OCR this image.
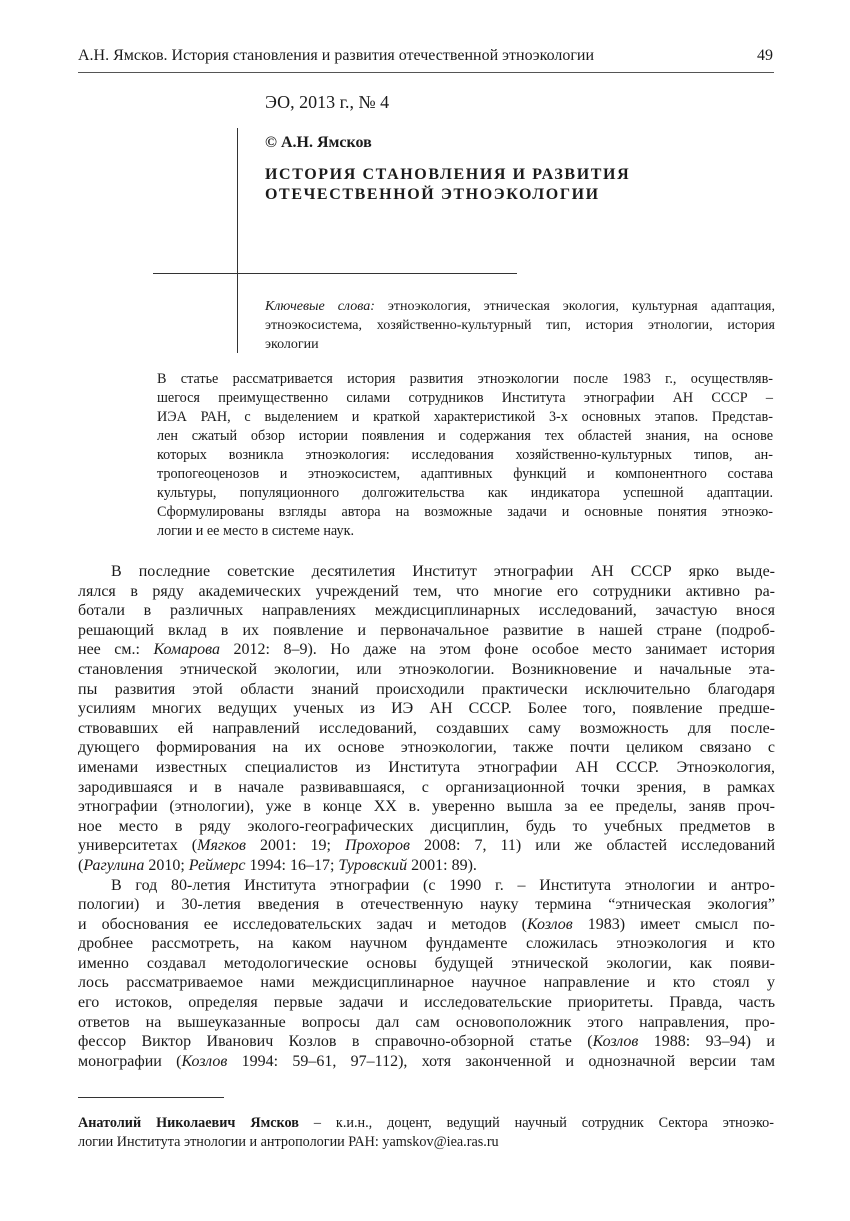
А.Н. Ямсков. История становления и развития отечественной этноэкологии	49
ЭО, 2013 г., № 4
© А.Н. Ямсков
ИСТОРИЯ СТАНОВЛЕНИЯ И РАЗВИТИЯ
ОТЕЧЕСТВЕННОЙ ЭТНОЭКОЛОГИИ
Ключевые слова: этноэкология, этническая экология, культурная адаптация, этноэкосистема, хозяйственно-культурный тип, история этнологии, история экологии
В статье рассматривается история развития этноэкологии после 1983 г., осуществляв-
шегося преимущественно силами сотрудников Института этнографии АН СССР –
ИЭА РАН, с выделением и краткой характеристикой 3-х основных этапов. Представ-
лен сжатый обзор истории появления и содержания тех областей знания, на основе
которых возникла этноэкология: исследования хозяйственно-культурных типов, ан-
тропогеоценозов и этноэкосистем, адаптивных функций и компонентного состава
культуры, популяционного долгожительства как индикатора успешной адаптации.
Сформулированы взгляды автора на возможные задачи и основные понятия этноэко-
логии и ее место в системе наук.
В последние советские десятилетия Институт этнографии АН СССР ярко выде-
лялся в ряду академических учреждений тем, что многие его сотрудники активно ра-
ботали в различных направлениях междисциплинарных исследований, зачастую внося
решающий вклад в их появление и первоначальное развитие в нашей стране (подроб-
нее см.: Комарова 2012: 8–9). Но даже на этом фоне особое место занимает история
становления этнической экологии, или этноэкологии. Возникновение и начальные эта-
пы развития этой области знаний происходили практически исключительно благодаря
усилиям многих ведущих ученых из ИЭ АН СССР. Более того, появление предше-
ствовавших ей направлений исследований, создавших саму возможность для после-
дующего формирования на их основе этноэкологии, также почти целиком связано с
именами известных специалистов из Института этнографии АН СССР. Этноэкология,
зародившаяся и в начале развивавшаяся, с организационной точки зрения, в рамках
этнографии (этнологии), уже в конце XX в. уверенно вышла за ее пределы, заняв проч-
ное место в ряду эколого-географических дисциплин, будь то учебных предметов в
университетах (Мягков 2001: 19; Прохоров 2008: 7, 11) или же областей исследований
(Рагулина 2010; Реймерс 1994: 16–17; Туровский 2001: 89).
В год 80-летия Института этнографии (с 1990 г. – Института этнологии и антро-
пологии) и 30-летия введения в отечественную науку термина “этническая экология”
и обоснования ее исследовательских задач и методов (Козлов 1983) имеет смысл по-
дробнее рассмотреть, на каком научном фундаменте сложилась этноэкология и кто
именно создавал методологические основы будущей этнической экологии, как появи-
лось рассматриваемое нами междисциплинарное научное направление и кто стоял у
его истоков, определяя первые задачи и исследовательские приоритеты. Правда, часть
ответов на вышеуказанные вопросы дал сам основоположник этого направления, про-
фессор Виктор Иванович Козлов в справочно-обзорной статье (Козлов 1988: 93–94) и
монографии (Козлов 1994: 59–61, 97–112), хотя законченной и однозначной версии там
Анатолий Николаевич Ямсков – к.и.н., доцент, ведущий научный сотрудник Сектора этноэко-
логии Института этнологии и антропологии РАН: yamskov@iea.ras.ru
